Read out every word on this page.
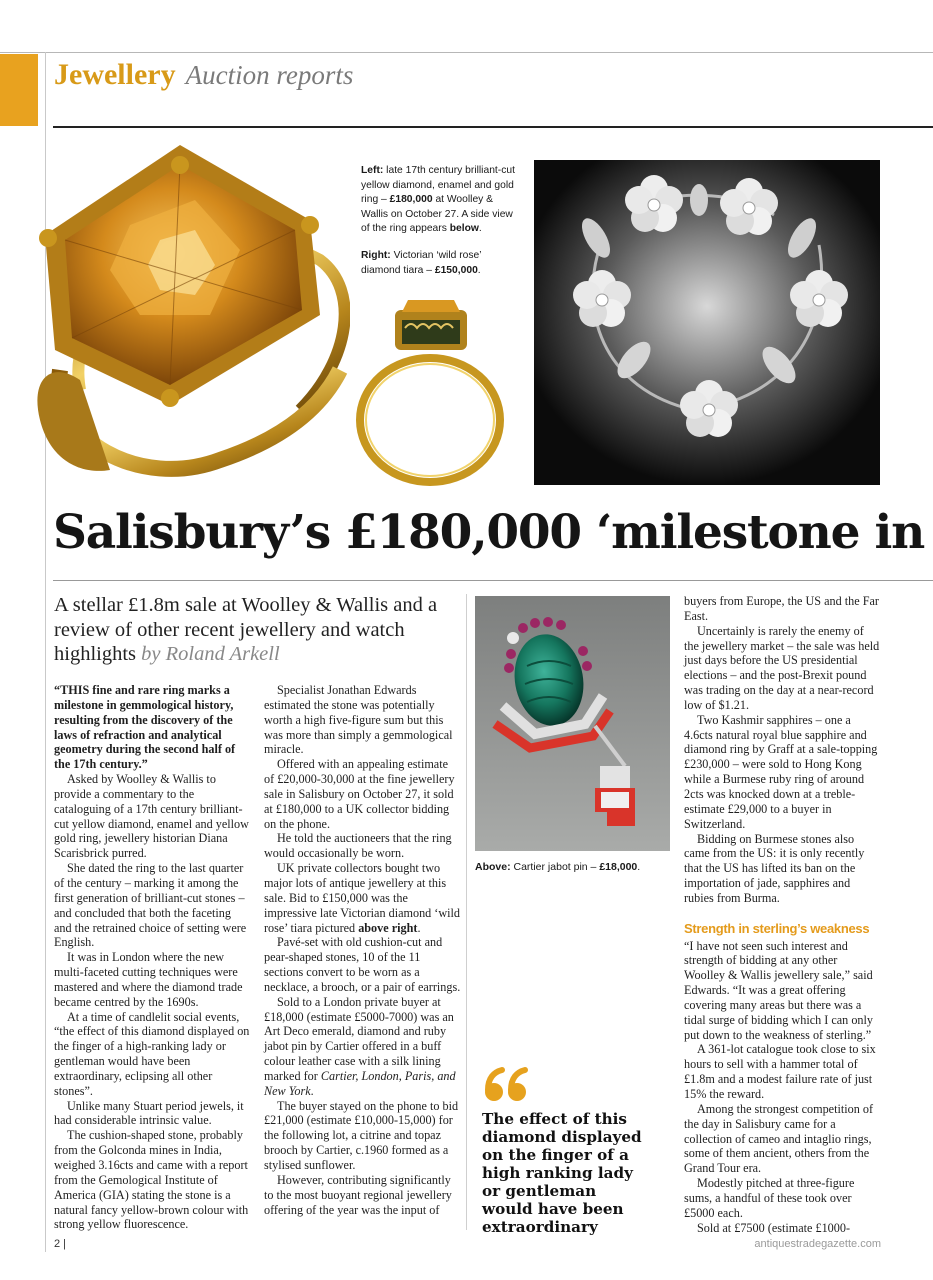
Jewellery Auction reports

Left: late 17th century brilliant-cut yellow diamond, enamel and gold ring – £180,000 at Woolley & Wallis on October 27. A side view of the ring appears below.

Right: Victorian ‘wild rose’ diamond tiara – £150,000.

Salisbury’s £180,000 ‘milestone in
A stellar £1.8m sale at Woolley & Wallis and a review of other recent jewellery and watch highlights by Roland Arkell

“THIS fine and rare ring marks a milestone in gemmological history, resulting from the discovery of the laws of refraction and analytical geometry during the second half of the 17th century.”

Asked by Woolley & Wallis to provide a commentary to the cataloguing of a 17th century brilliant-cut yellow diamond, enamel and yellow gold ring, jewellery historian Diana Scarisbrick purred.

She dated the ring to the last quarter of the century – marking it among the first generation of brilliant-cut stones – and concluded that both the faceting and the retrained choice of setting were English.

It was in London where the new multi-faceted cutting techniques were mastered and where the diamond trade became centred by the 1690s.

At a time of candlelit social events, “the effect of this diamond displayed on the finger of a high-ranking lady or gentleman would have been extraordinary, eclipsing all other stones”.

Unlike many Stuart period jewels, it had considerable intrinsic value.

The cushion-shaped stone, probably from the Golconda mines in India, weighed 3.16cts and came with a report from the Gemological Institute of America (GIA) stating the stone is a natural fancy yellow-brown colour with strong yellow fluorescence.

Specialist Jonathan Edwards estimated the stone was potentially worth a high five-figure sum but this was more than simply a gemmological miracle.

Offered with an appealing estimate of £20,000-30,000 at the fine jewellery sale in Salisbury on October 27, it sold at £180,000 to a UK collector bidding on the phone.

He told the auctioneers that the ring would occasionally be worn.

UK private collectors bought two major lots of antique jewellery at this sale. Bid to £150,000 was the impressive late Victorian diamond ‘wild rose’ tiara pictured above right.

Pavé-set with old cushion-cut and pear-shaped stones, 10 of the 11 sections convert to be worn as a necklace, a brooch, or a pair of earrings.

Sold to a London private buyer at £18,000 (estimate £5000-7000) was an Art Deco emerald, diamond and ruby jabot pin by Cartier offered in a buff colour leather case with a silk lining marked for Cartier, London, Paris, and New York.

The buyer stayed on the phone to bid £21,000 (estimate £10,000-15,000) for the following lot, a citrine and topaz brooch by Cartier, c.1960 formed as a stylised sunflower.

However, contributing significantly to the most buoyant regional jewellery offering of the year was the input of

Above: Cartier jabot pin – £18,000.
The effect of this diamond displayed on the finger of a high ranking lady or gentleman would have been extraordinary

buyers from Europe, the US and the Far East.

Uncertainly is rarely the enemy of the jewellery market – the sale was held just days before the US presidential elections – and the post-Brexit pound was trading on the day at a near-record low of $1.21.

Two Kashmir sapphires – one a 4.6cts natural royal blue sapphire and diamond ring by Graff at a sale-topping £230,000 – were sold to Hong Kong while a Burmese ruby ring of around 2cts was knocked down at a treble-estimate £29,000 to a buyer in Switzerland.

Bidding on Burmese stones also came from the US: it is only recently that the US has lifted its ban on the importation of jade, sapphires and rubies from Burma.

Strength in sterling’s weakness

“I have not seen such interest and strength of bidding at any other Woolley & Wallis jewellery sale,” said Edwards. “It was a great offering covering many areas but there was a tidal surge of bidding which I can only put down to the weakness of sterling.”

A 361-lot catalogue took close to six hours to sell with a hammer total of £1.8m and a modest failure rate of just 15% the reward.

Among the strongest competition of the day in Salisbury came for a collection of cameo and intaglio rings, some of them ancient, others from the Grand Tour era.

Modestly pitched at three-figure sums, a handful of these took over £5000 each.

Sold at £7500 (estimate £1000-

2 |	antiquestradegazette.com
